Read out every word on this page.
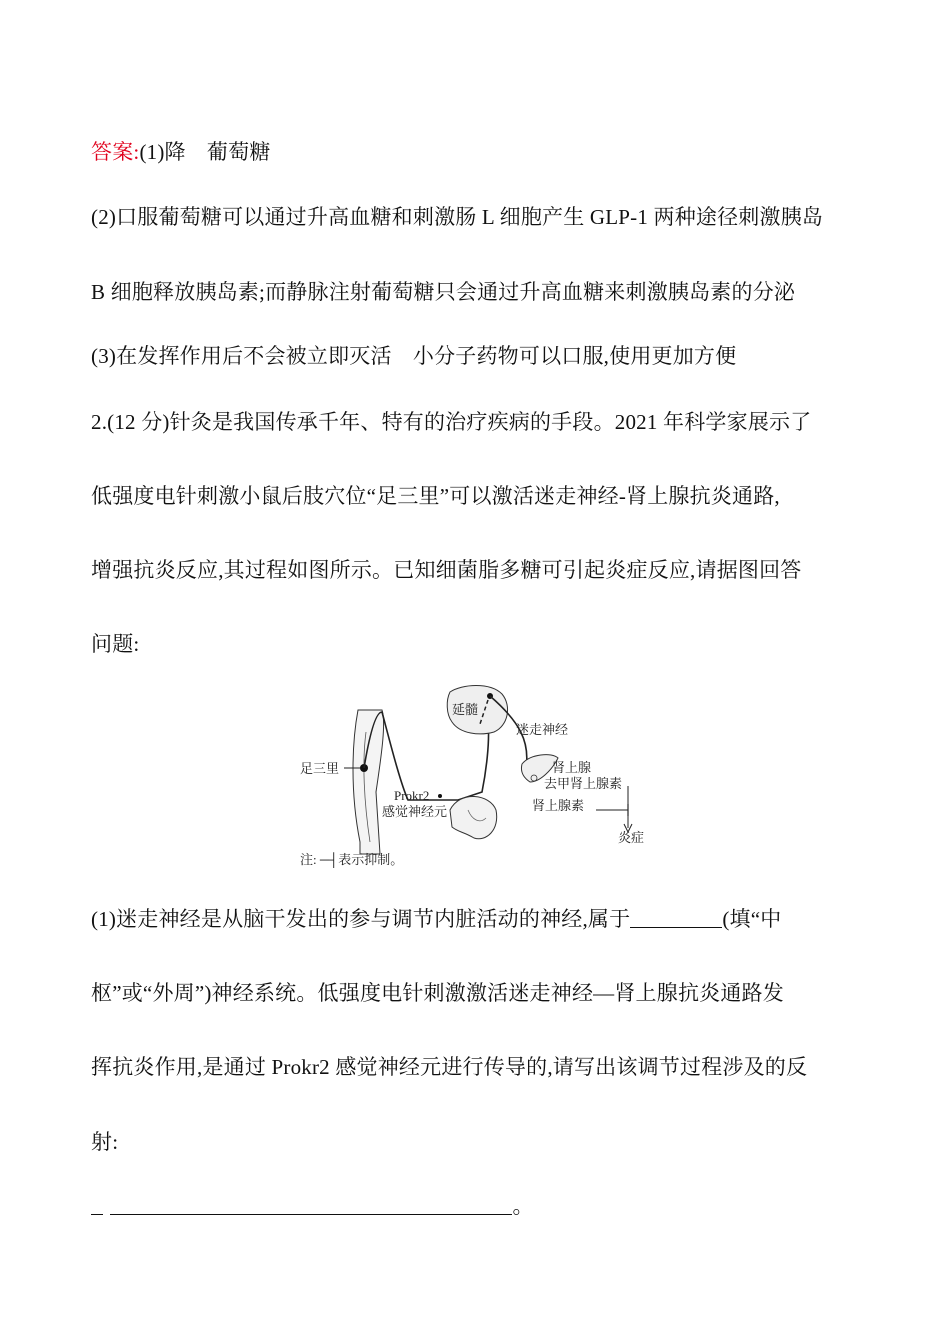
答案:(1)降　葡萄糖
(2)口服葡萄糖可以通过升高血糖和刺激肠 L 细胞产生 GLP-1 两种途径刺激胰岛
B 细胞释放胰岛素;而静脉注射葡萄糖只会通过升高血糖来刺激胰岛素的分泌
(3)在发挥作用后不会被立即灭活　小分子药物可以口服,使用更加方便
2.(12 分)针灸是我国传承千年、特有的治疗疾病的手段。2021 年科学家展示了
低强度电针刺激小鼠后肢穴位“足三里”可以激活迷走神经-肾上腺抗炎通路,
增强抗炎反应,其过程如图所示。已知细菌脂多糖可引起炎症反应,请据图回答
问题:
延髓
迷走神经
肾上腺
去甲肾上腺素
肾上腺素
足三里
Prokr2
感觉神经元
炎症
注: ─┤表示抑制。
(1)迷走神经是从脑干发出的参与调节内脏活动的神经,属于	(填“中
枢”或“外周”)神经系统。低强度电针刺激激活迷走神经—肾上腺抗炎通路发
挥抗炎作用,是通过 Prokr2 感觉神经元进行传导的,请写出该调节过程涉及的反
射:
。
